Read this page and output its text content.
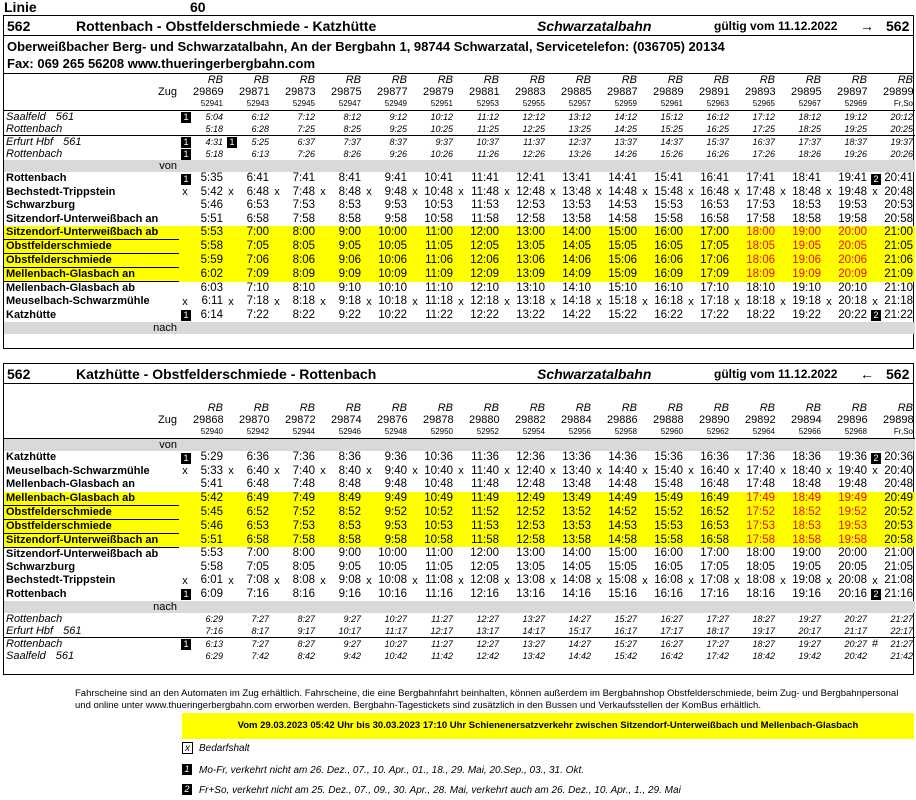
Linie	60
562	Rottenbach - Obstfelderschmiede - Katzhütte	Schwarzatalbahn	gültig vom 11.12.2022 → 562
Oberweißbacher Berg- und Schwarzatalbahn, An der Bergbahn 1, 98744 Schwarzatal, Servicetelefon: (036705) 20134
Fax: 069 265 56208 www.thueringerbergbahn.com
		RB		RB		RB		RB		RB		RB		RB		RB		RB		RB		RB		RB		RB		RB		RB		RB
Zug		29869		29871		29873		29875		29877		29879		29881		29883		29885		29887		29889		29891		29893		29895		29897		29899
		52941		52943		52945		52947		52949		52951		52953		52955		52957		52959		52961		52963		52965		52967		52969		Fr,So
Saalfeld 561	1	5:04		6:12		7:12		8:12		9:12		10:12		11:12		12:12		13:12		14:12		15:12		16:12		17:12		18:12		19:12		20:12
Rottenbach		5:18		6:28		7:25		8:25		9:25		10:25		11:25		12:25		13:25		14:25		15:25		16:25		17:25		18:25		19:25		20:25
Erfurt Hbf 561	1	4:31	1	5:25		6:37		7:37		8:37		9:37		10:37		11:37		12:37		13:37		14:37		15:37		16:37		17:37		18:37		19:37
Rottenbach	1	5:18		6:13		7:26		8:26		9:26		10:26		11:26		12:26		13:26		14:26		15:26		16:26		17:26		18:26		19:26		20:26
von																																
Rottenbach	1	5:35		6:41		7:41		8:41		9:41		10:41		11:41		12:41		13:41		14:41		15:41		16:41		17:41		18:41		19:41	2	20:41
Bechstedt-Trippstein	x	5:42	x	6:48	x	7:48	x	8:48	x	9:48	x	10:48	x	11:48	x	12:48	x	13:48	x	14:48	x	15:48	x	16:48	x	17:48	x	18:48	x	19:48	x	20:48
Schwarzburg		5:46		6:53		7:53		8:53		9:53		10:53		11:53		12:53		13:53		14:53		15:53		16:53		17:53		18:53		19:53		20:53
Sitzendorf-Unterweißbach an		5:51		6:58		7:58		8:58		9:58		10:58		11:58		12:58		13:58		14:58		15:58		16:58		17:58		18:58		19:58		20:58
Sitzendorf-Unterweißbach ab		5:53		7:00		8:00		9:00		10:00		11:00		12:00		13:00		14:00		15:00		16:00		17:00		18:00		19:00		20:00		21:00
Obstfelderschmiede		5:58		7:05		8:05		9:05		10:05		11:05		12:05		13:05		14:05		15:05		16:05		17:05		18:05		19:05		20:05		21:05
Obstfelderschmiede		5:59		7:06		8:06		9:06		10:06		11:06		12:06		13:06		14:06		15:06		16:06		17:06		18:06		19:06		20:06		21:06
Mellenbach-Glasbach an		6:02		7:09		8:09		9:09		10:09		11:09		12:09		13:09		14:09		15:09		16:09		17:09		18:09		19:09		20:09		21:09
Mellenbach-Glasbach ab		6:03		7:10		8:10		9:10		10:10		11:10		12:10		13:10		14:10		15:10		16:10		17:10		18:10		19:10		20:10		21:10
Meuselbach-Schwarzmühle	x	6:11	x	7:18	x	8:18	x	9:18	x	10:18	x	11:18	x	12:18	x	13:18	x	14:18	x	15:18	x	16:18	x	17:18	x	18:18	x	19:18	x	20:18	x	21:18
Katzhütte	1	6:14		7:22		8:22		9:22		10:22		11:22		12:22		13:22		14:22		15:22		16:22		17:22		18:22		19:22		20:22	2	21:22
nach																																
562	Katzhütte - Obstfelderschmiede - Rottenbach	Schwarzatalbahn	gültig vom 11.12.2022 ← 562
		RB		RB		RB		RB		RB		RB		RB		RB		RB		RB		RB		RB		RB		RB		RB		RB
Zug		29868		29870		29872		29874		29876		29878		29880		29882		29884		29886		29888		29890		29892		29894		29896		29898
		52940		52942		52944		52946		52948		52950		52952		52954		52956		52958		52960		52962		52964		52966		52968		Fr,So
von																																
Katzhütte	1	5:29		6:36		7:36		8:36		9:36		10:36		11:36		12:36		13:36		14:36		15:36		16:36		17:36		18:36		19:36	2	20:36
Meuselbach-Schwarzmühle	x	5:33	x	6:40	x	7:40	x	8:40	x	9:40	x	10:40	x	11:40	x	12:40	x	13:40	x	14:40	x	15:40	x	16:40	x	17:40	x	18:40	x	19:40	x	20:40
Mellenbach-Glasbach an		5:41		6:48		7:48		8:48		9:48		10:48		11:48		12:48		13:48		14:48		15:48		16:48		17:48		18:48		19:48		20:48
Mellenbach-Glasbach ab		5:42		6:49		7:49		8:49		9:49		10:49		11:49		12:49		13:49		14:49		15:49		16:49		17:49		18:49		19:49		20:49
Obstfelderschmiede		5:45		6:52		7:52		8:52		9:52		10:52		11:52		12:52		13:52		14:52		15:52		16:52		17:52		18:52		19:52		20:52
Obstfelderschmiede		5:46		6:53		7:53		8:53		9:53		10:53		11:53		12:53		13:53		14:53		15:53		16:53		17:53		18:53		19:53		20:53
Sitzendorf-Unterweißbach an		5:51		6:58		7:58		8:58		9:58		10:58		11:58		12:58		13:58		14:58		15:58		16:58		17:58		18:58		19:58		20:58
Sitzendorf-Unterweißbach ab		5:53		7:00		8:00		9:00		10:00		11:00		12:00		13:00		14:00		15:00		16:00		17:00		18:00		19:00		20:00		21:00
Schwarzburg		5:58		7:05		8:05		9:05		10:05		11:05		12:05		13:05		14:05		15:05		16:05		17:05		18:05		19:05		20:05		21:05
Bechstedt-Trippstein	x	6:01	x	7:08	x	8:08	x	9:08	x	10:08	x	11:08	x	12:08	x	13:08	x	14:08	x	15:08	x	16:08	x	17:08	x	18:08	x	19:08	x	20:08	x	21:08
Rottenbach	1	6:09		7:16		8:16		9:16		10:16		11:16		12:16		13:16		14:16		15:16		16:16		17:16		18:16		19:16		20:16	2	21:16
nach																																
Rottenbach		6:29		7:27		8:27		9:27		10:27		11:27		12:27		13:27		14:27		15:27		16:27		17:27		18:27		19:27		20:27		21:27
Erfurt Hbf 561		7:16		8:17		9:17		10:17		11:17		12:17		13:17		14:17		15:17		16:17		17:17		18:17		19:17		20:17		21:17		22:17
Rottenbach	1	6:13		7:27		8:27		9:27		10:27		11:27		12:27		13:27		14:27		15:27		16:27		17:27		18:27		19:27		20:27	#	21:27
Saalfeld 561		6:29		7:42		8:42		9:42		10:42		11:42		12:42		13:42		14:42		15:42		16:42		17:42		18:42		19:42		20:42		21:42
Fahrscheine sind an den Automaten im Zug erhältlich. Fahrscheine, die eine Bergbahnfahrt beinhalten, können außerdem im Bergbahnshop Obstfelderschmiede, beim Zug- und Bergbahnpersonal und online unter www.thueringerbergbahn.com erworben werden. Bergbahn-Tagestickets sind zusätzlich in den Bussen und Verkaufsstellen der KomBus erhältlich.
Vom 29.03.2023 05:42 Uhr bis 30.03.2023 17:10 Uhr Schienenersatzverkehr zwischen Sitzendorf-Unterweißbach und Mellenbach-Glasbach
x Bedarfshalt
1 Mo-Fr, verkehrt nicht am 26. Dez., 07., 10. Apr., 01., 18., 29. Mai, 20.Sep., 03., 31. Okt.
2 Fr+So, verkehrt nicht am 25. Dez., 07., 09., 30. Apr., 28. Mai, verkehrt auch am 26. Dez., 10. Apr., 1., 29. Mai
